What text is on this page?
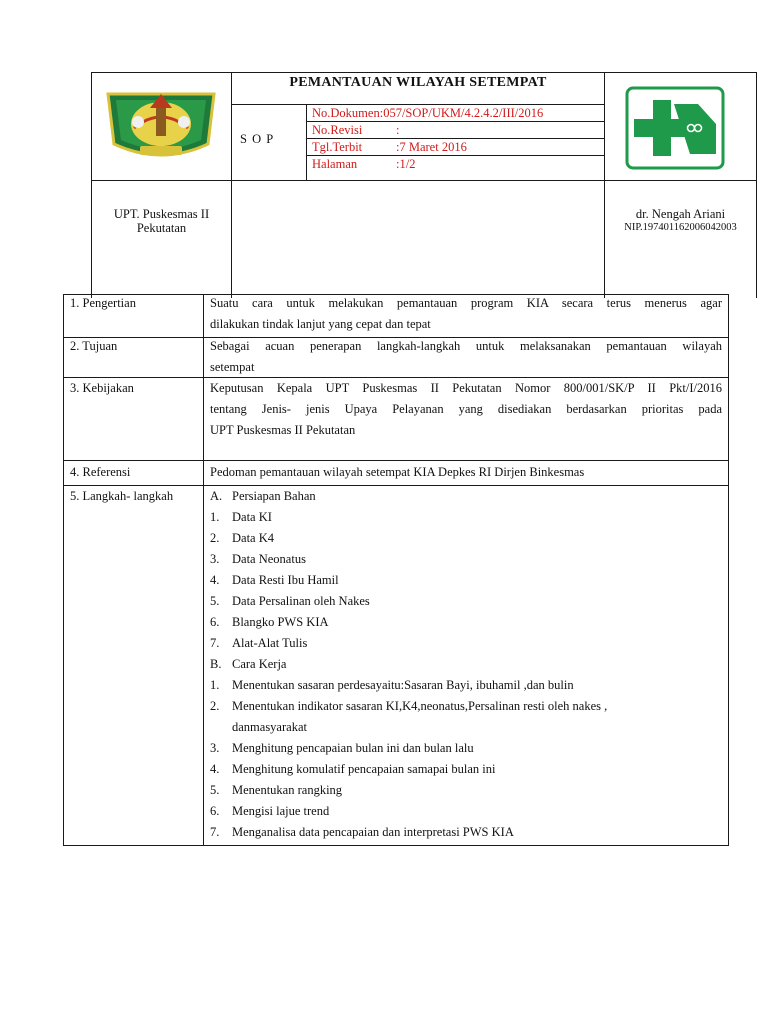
PEMANTAUAN WILAYAH SETEMPAT
S O P
No.Dokumen:057/SOP/UKM/4.2.4.2/III/2016
No.Revisi	:
Tgl.Terbit	:7 Maret 2016
Halaman	:1/2
UPT. Puskesmas II
Pekutatan
dr. Nengah Ariani
NIP.197401162006042003
1. Pengertian	Suatu cara untuk melakukan pemantauan program KIA secara terus menerus agar
dilakukan tindak lanjut yang cepat dan tepat
2. Tujuan	Sebagai acuan penerapan langkah-langkah untuk melaksanakan pemantauan wilayah
setempat
3. Kebijakan	Keputusan Kepala UPT Puskesmas II Pekutatan Nomor 800/001/SK/P II Pkt/I/2016
tentang Jenis- jenis Upaya Pelayanan yang disediakan berdasarkan prioritas pada
UPT Puskesmas II Pekutatan
4. Referensi	Pedoman pemantauan wilayah setempat KIA Depkes RI Dirjen Binkesmas
5. Langkah- langkah	A. Persiapan Bahan
1. Data KI
2. Data K4
3. Data Neonatus
4. Data Resti Ibu Hamil
5. Data Persalinan oleh Nakes
6. Blangko PWS KIA
7. Alat-Alat Tulis
B. Cara Kerja
1. Menentukan sasaran perdesayaitu:Sasaran Bayi, ibuhamil ,dan bulin
2. Menentukan indikator sasaran KI,K4,neonatus,Persalinan resti oleh nakes ,
danmasyarakat
3. Menghitung pencapaian bulan ini dan bulan lalu
4. Menghitung komulatif pencapaian samapai bulan ini
5. Menentukan rangking
6. Mengisi lajue trend
7. Menganalisa data pencapaian dan interpretasi PWS KIA
